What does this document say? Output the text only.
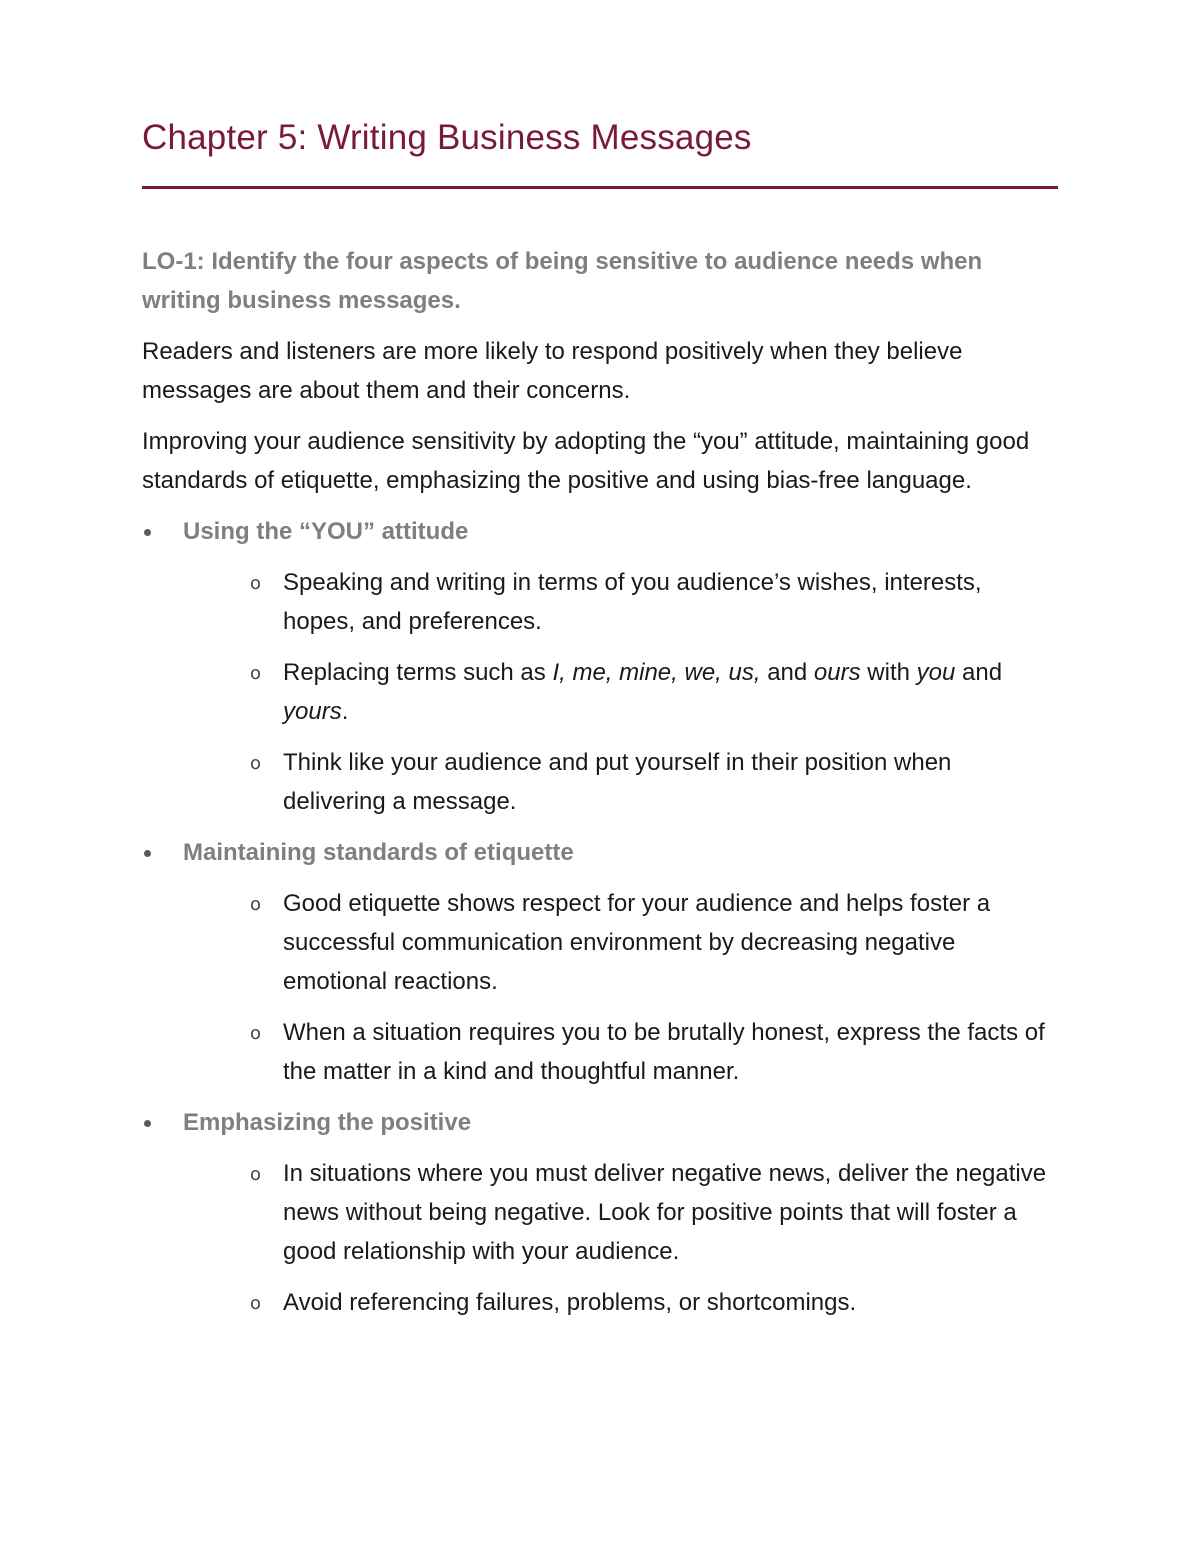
Chapter 5: Writing Business Messages

LO-1: Identify the four aspects of being sensitive to audience needs when writing business messages.

Readers and listeners are more likely to respond positively when they believe messages are about them and their concerns.

Improving your audience sensitivity by adopting the “you” attitude, maintaining good standards of etiquette, emphasizing the positive and using bias-free language.

Using the “YOU” attitude
o Speaking and writing in terms of you audience’s wishes, interests, hopes, and preferences.
o Replacing terms such as I, me, mine, we, us, and ours with you and yours.
o Think like your audience and put yourself in their position when delivering a message.
Maintaining standards of etiquette
o Good etiquette shows respect for your audience and helps foster a successful communication environment by decreasing negative emotional reactions.
o When a situation requires you to be brutally honest, express the facts of the matter in a kind and thoughtful manner.
Emphasizing the positive
o In situations where you must deliver negative news, deliver the negative news without being negative. Look for positive points that will foster a good relationship with your audience.
o Avoid referencing failures, problems, or shortcomings.
